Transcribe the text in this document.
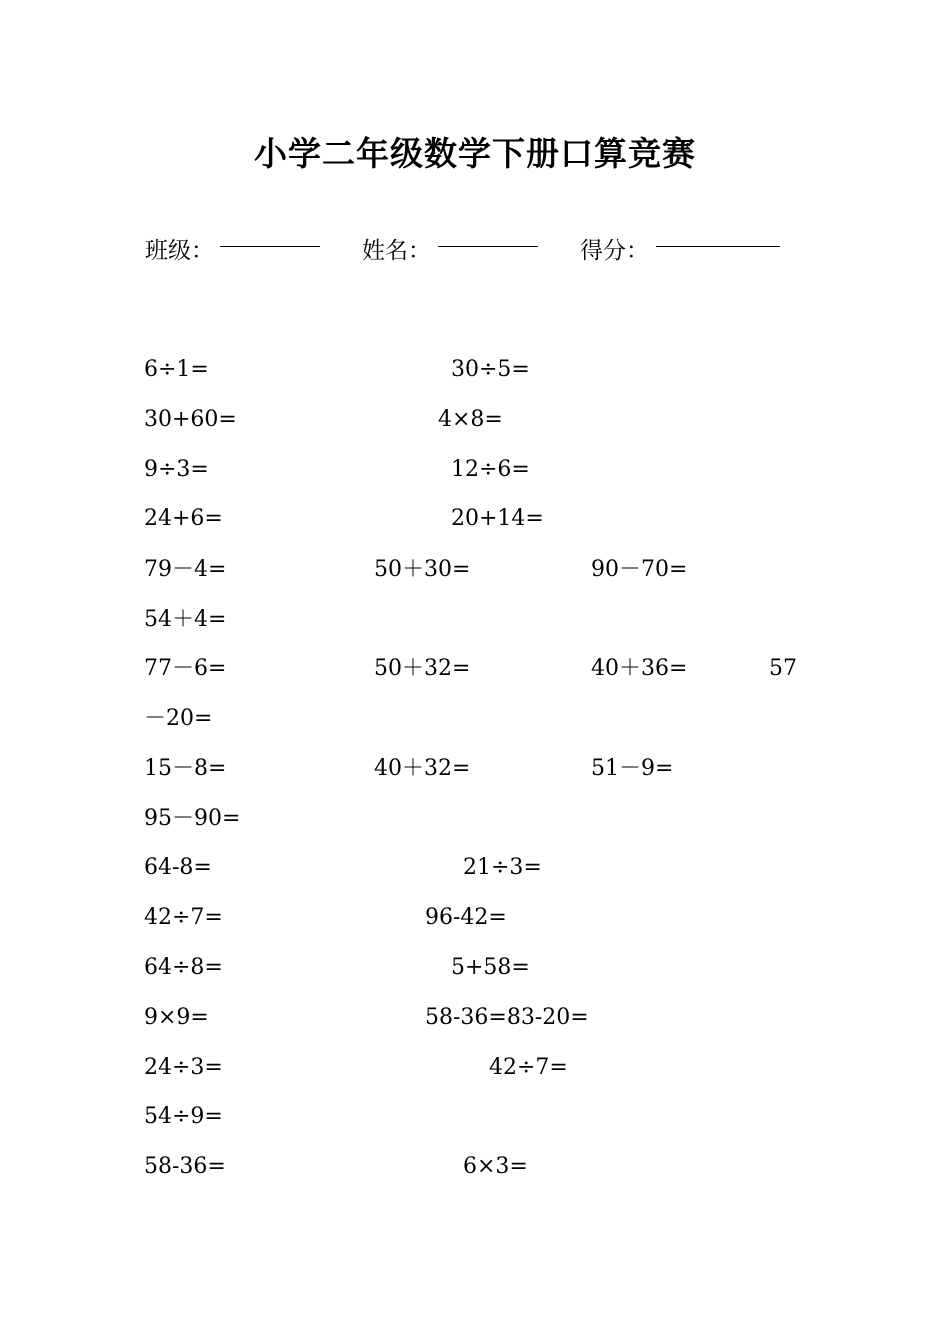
小学二年级数学下册口算竞赛
班级：	姓名：	得分：
6÷1=	30÷5=
30+60=	4×8=
9÷3=	12÷6=
24+6=	20+14=
79－4=	50＋30=	90－70=
54＋4=
77－6=	50＋32=	40＋36=	57
－20=
15－8=	40＋32=	51－9=
95－90=
64-8=	21÷3=
42÷7=	96-42=
64÷8=	5+58=
9×9=	58-36=83-20=
24÷3=	42÷7=
54÷9=
58-36=	6×3=
